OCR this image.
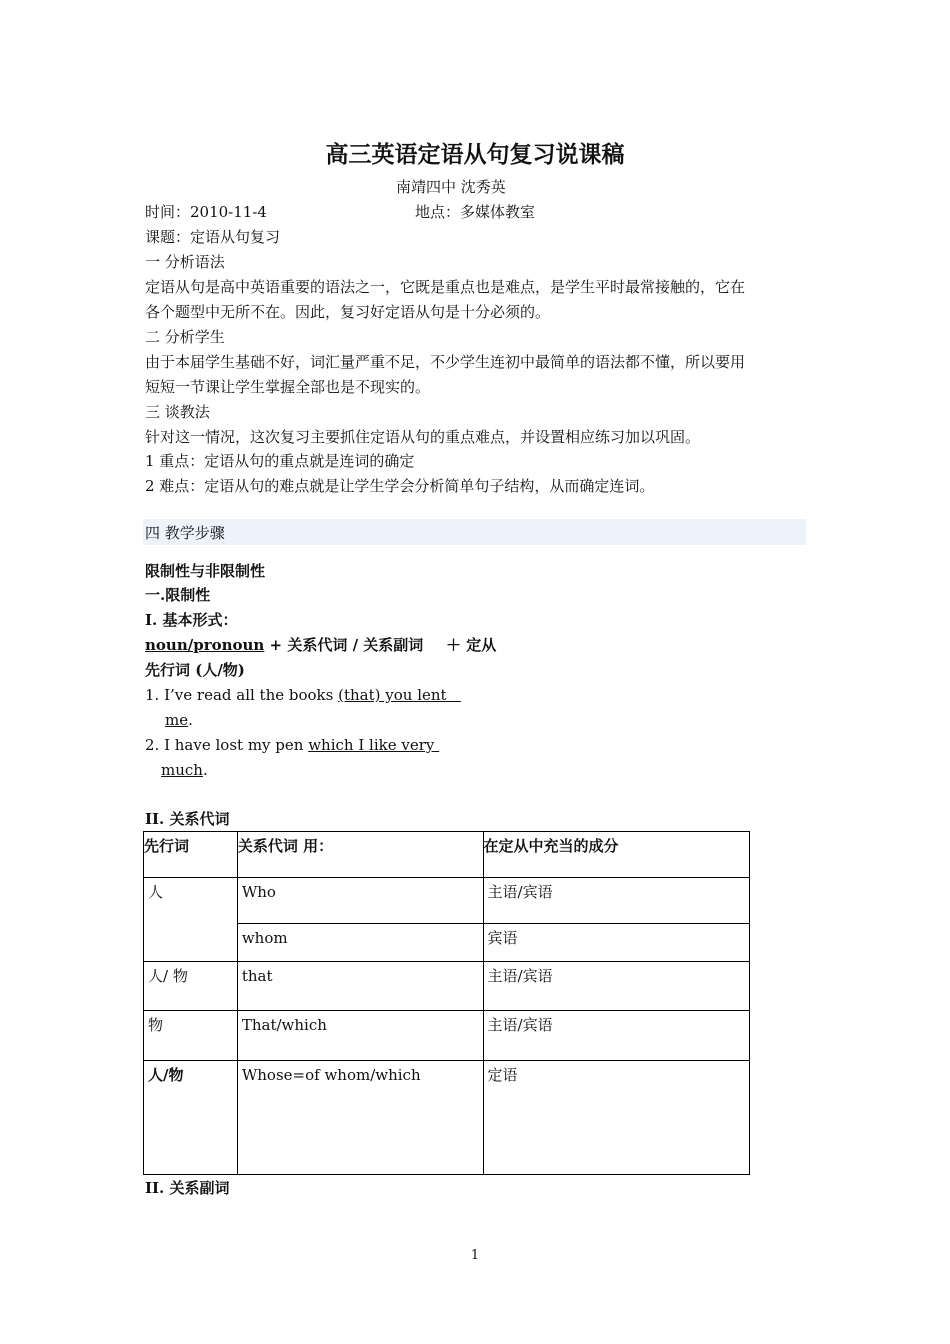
高三英语定语从句复习说课稿
南靖四中 沈秀英
时间：2010-11-4	地点：多媒体教室
课题：定语从句复习
一 分析语法
定语从句是高中英语重要的语法之一，它既是重点也是难点，是学生平时最常接触的，它在
各个题型中无所不在。因此，复习好定语从句是十分必须的。
二 分析学生
由于本届学生基础不好，词汇量严重不足，不少学生连初中最简单的语法都不懂，所以要用
短短一节课让学生掌握全部也是不现实的。
三 谈教法
针对这一情况，这次复习主要抓住定语从句的重点难点，并设置相应练习加以巩固。
1 重点：定语从句的重点就是连词的确定
2 难点：定语从句的难点就是让学生学会分析简单句子结构，从而确定连词。
四 教学步骤
限制性与非限制性
一.限制性
I. 基本形式：
noun/pronoun + 关系代词 / 关系副词 ＋ 定从
先行词 (人/物)
1. I’ve read all the books (that) you lent
me.
2. I have lost my pen which I like very
much.
II. 关系代词
先行词	关系代词 用：	在定从中充当的成分
人	Who	主语/宾语
	whom	宾语
人/ 物	that	主语/宾语
物	That/which	主语/宾语
人/物	Whose=of whom/which	定语
II. 关系副词
1
